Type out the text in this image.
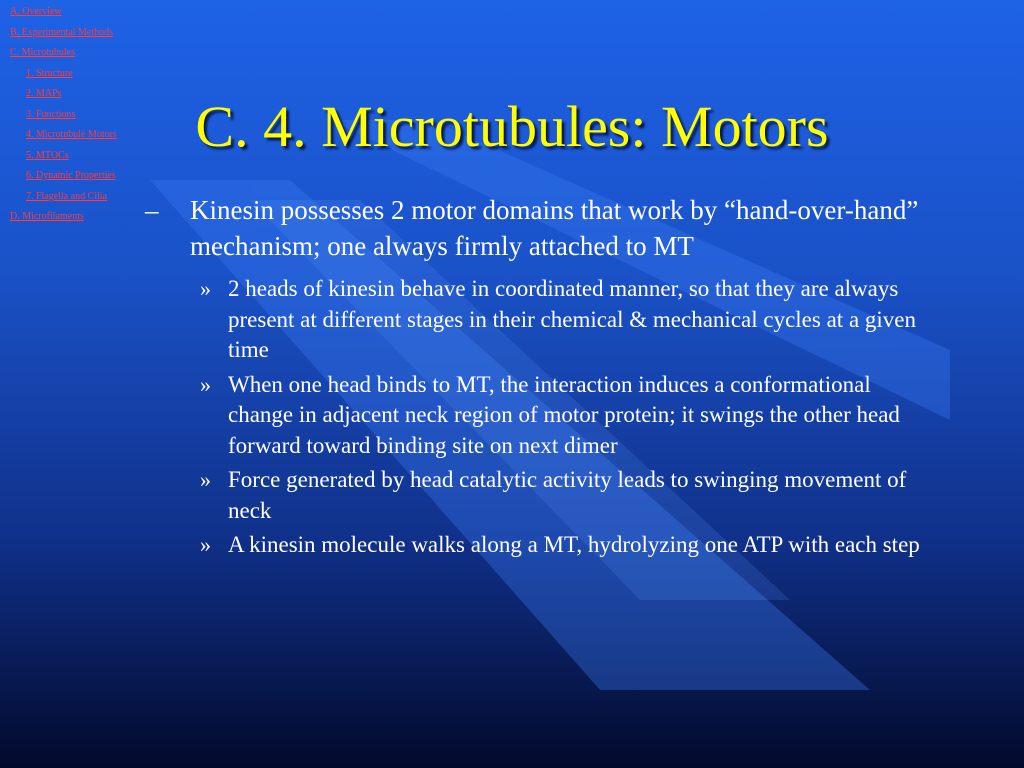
A. Overview
B. Experimental Methods
C. Microtubules
1. Structure
2. MAPs
3. Functions
4. Microtubule Motors
5. MTOCs
6. Dynamic Properties
7. Flagella and Cilia
D. Microfilaments
C. 4. Microtubules: Motors
– Kinesin possesses 2 motor domains that work by “hand-over-hand” mechanism; one always firmly attached to MT
» 2 heads of kinesin behave in coordinated manner, so that they are always present at different stages in their chemical & mechanical cycles at a given time
» When one head binds to MT, the interaction induces a conformational change in adjacent neck region of motor protein; it swings the other head forward toward binding site on next dimer
» Force generated by head catalytic activity leads to swinging movement of neck
» A kinesin molecule walks along a MT, hydrolyzing one ATP with each step
